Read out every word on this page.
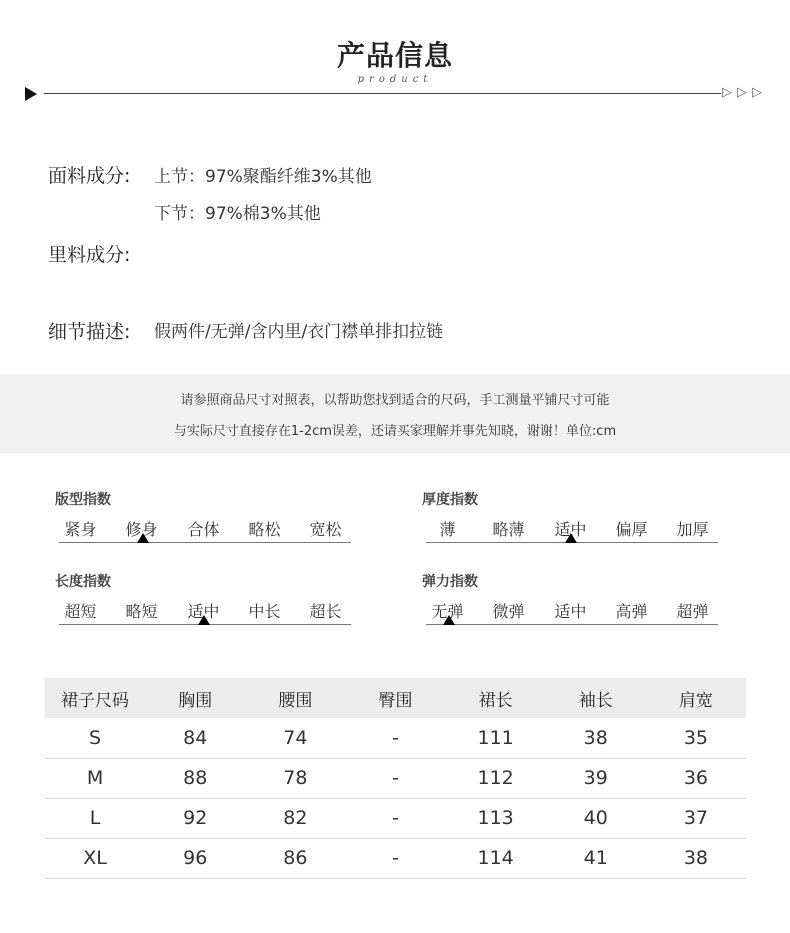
产品信息
product
▷▷▷
面料成分: 上节：97%聚酯纤维3%其他
下节：97%棉3%其他
里料成分:
细节描述: 假两件/无弹/含内里/衣门襟单排扣拉链
请参照商品尺寸对照表，以帮助您找到适合的尺码，手工测量平铺尺寸可能
与实际尺寸直接存在1-2cm误差，还请买家理解并事先知晓，谢谢！单位:cm
版型指数
紧身	修身	合体	略松	宽松
厚度指数
薄	略薄	适中	偏厚	加厚
长度指数
超短	略短	适中	中长	超长
弹力指数
无弹	微弹	适中	高弹	超弹
裙子尺码	胸围	腰围	臀围	裙长	袖长	肩宽
S	84	74	-	111	38	35
M	88	78	-	112	39	36
L	92	82	-	113	40	37
XL	96	86	-	114	41	38
